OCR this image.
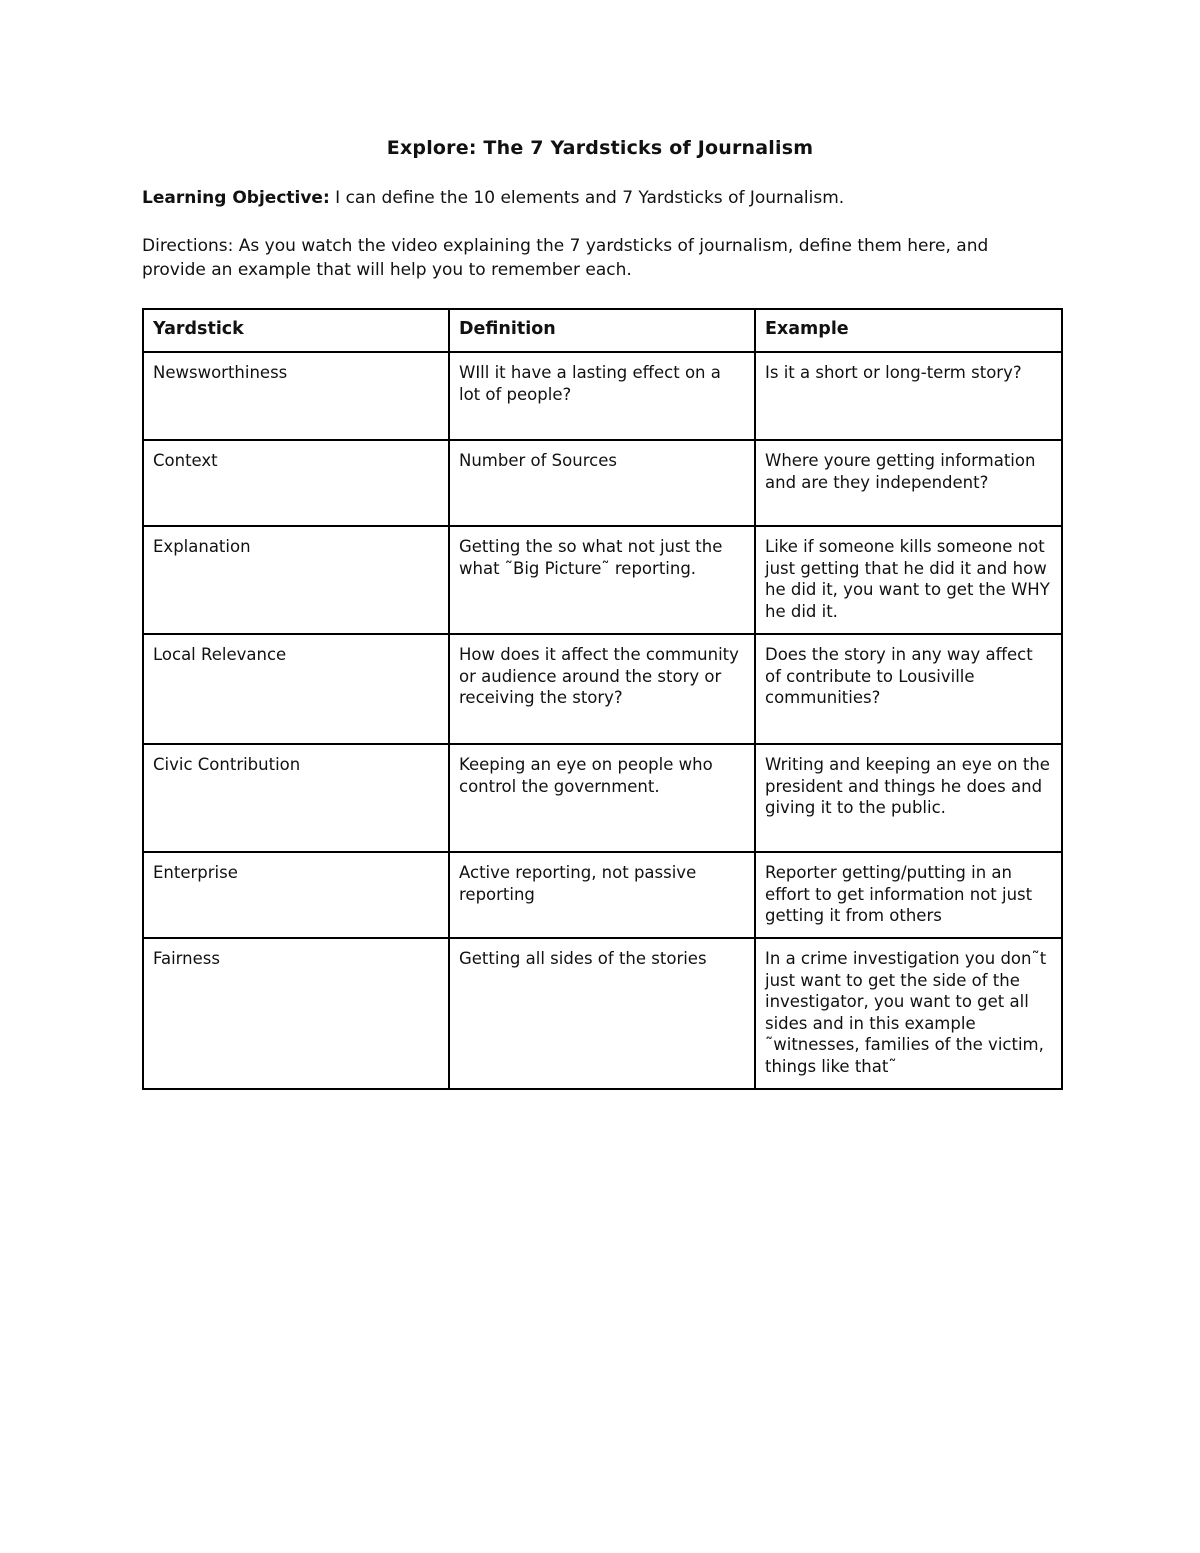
Explore: The 7 Yardsticks of Journalism
Learning Objective: I can define the 10 elements and 7 Yardsticks of Journalism.
Directions: As you watch the video explaining the 7 yardsticks of journalism, define them here, and provide an example that will help you to remember each.
Yardstick	Definition	Example
Newsworthiness	WIll it have a lasting effect on a lot of people?	Is it a short or long-term story?
Context	Number of Sources	Where youre getting information and are they independent?
Explanation	Getting the so what not just the what ˜Big Picture˜ reporting.	Like if someone kills someone not just getting that he did it and how he did it, you want to get the WHY he did it.
Local Relevance	How does it affect the community or audience around the story or receiving the story?	Does the story in any way affect of contribute to Lousiville communities?
Civic Contribution	Keeping an eye on people who control the government.	Writing and keeping an eye on the president and things he does and giving it to the public.
Enterprise	Active reporting, not passive reporting	Reporter getting/putting in an effort to get information not just getting it from others
Fairness	Getting all sides of the stories	In a crime investigation you don˜t just want to get the side of the investigator, you want to get all sides and in this example ˜witnesses, families of the victim, things like that˜
